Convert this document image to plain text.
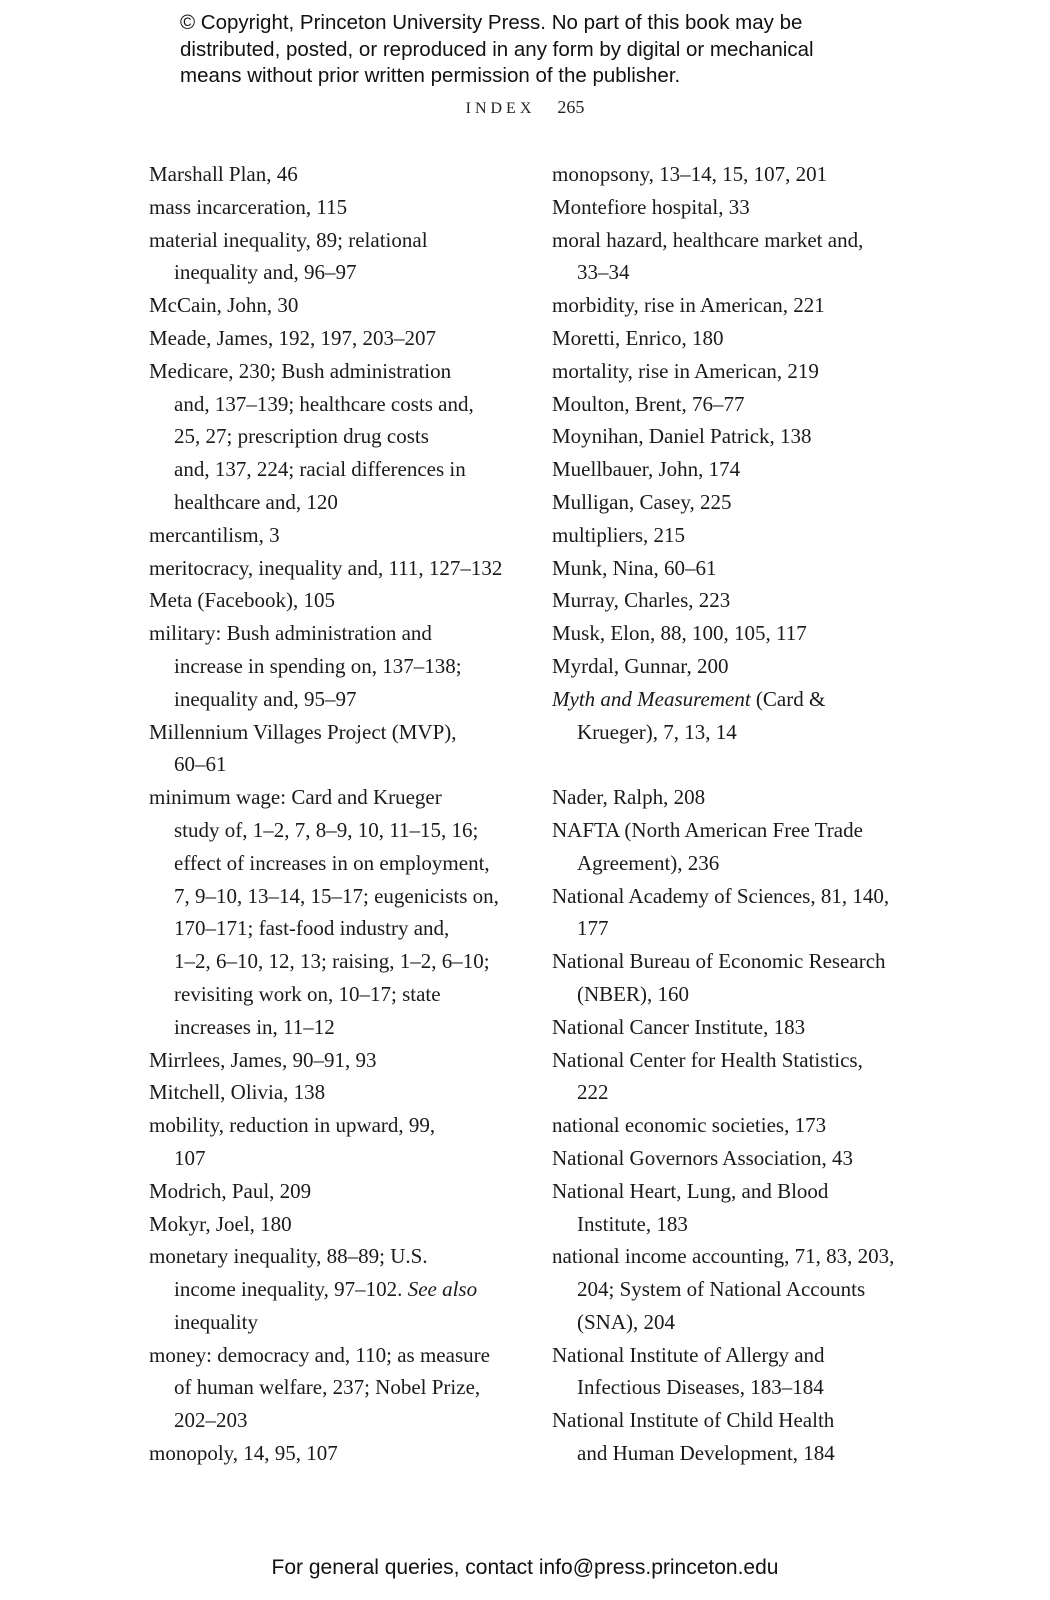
© Copyright, Princeton University Press. No part of this book may be
distributed, posted, or reproduced in any form by digital or mechanical
means without prior written permission of the publisher.
INDEX 265
Marshall Plan, 46
mass incarceration, 115
material inequality, 89; relational
inequality and, 96–97
McCain, John, 30
Meade, James, 192, 197, 203–207
Medicare, 230; Bush administration
and, 137–139; healthcare costs and,
25, 27; prescription drug costs
and, 137, 224; racial differences in
healthcare and, 120
mercantilism, 3
meritocracy, inequality and, 111, 127–132
Meta (Facebook), 105
military: Bush administration and
increase in spending on, 137–138;
inequality and, 95–97
Millennium Villages Project (MVP),
60–61
minimum wage: Card and Krueger
study of, 1–2, 7, 8–9, 10, 11–15, 16;
effect of increases in on employment,
7, 9–10, 13–14, 15–17; eugenicists on,
170–171; fast-food industry and,
1–2, 6–10, 12, 13; raising, 1–2, 6–10;
revisiting work on, 10–17; state
increases in, 11–12
Mirrlees, James, 90–91, 93
Mitchell, Olivia, 138
mobility, reduction in upward, 99,
107
Modrich, Paul, 209
Mokyr, Joel, 180
monetary inequality, 88–89; U.S.
income inequality, 97–102. See also
inequality
money: democracy and, 110; as measure
of human welfare, 237; Nobel Prize,
202–203
monopoly, 14, 95, 107
monopsony, 13–14, 15, 107, 201
Montefiore hospital, 33
moral hazard, healthcare market and,
33–34
morbidity, rise in American, 221
Moretti, Enrico, 180
mortality, rise in American, 219
Moulton, Brent, 76–77
Moynihan, Daniel Patrick, 138
Muellbauer, John, 174
Mulligan, Casey, 225
multipliers, 215
Munk, Nina, 60–61
Murray, Charles, 223
Musk, Elon, 88, 100, 105, 117
Myrdal, Gunnar, 200
Myth and Measurement (Card &
Krueger), 7, 13, 14
Nader, Ralph, 208
NAFTA (North American Free Trade
Agreement), 236
National Academy of Sciences, 81, 140,
177
National Bureau of Economic Research
(NBER), 160
National Cancer Institute, 183
National Center for Health Statistics,
222
national economic societies, 173
National Governors Association, 43
National Heart, Lung, and Blood
Institute, 183
national income accounting, 71, 83, 203,
204; System of National Accounts
(SNA), 204
National Institute of Allergy and
Infectious Diseases, 183–184
National Institute of Child Health
and Human Development, 184
For general queries, contact info@press.princeton.edu
